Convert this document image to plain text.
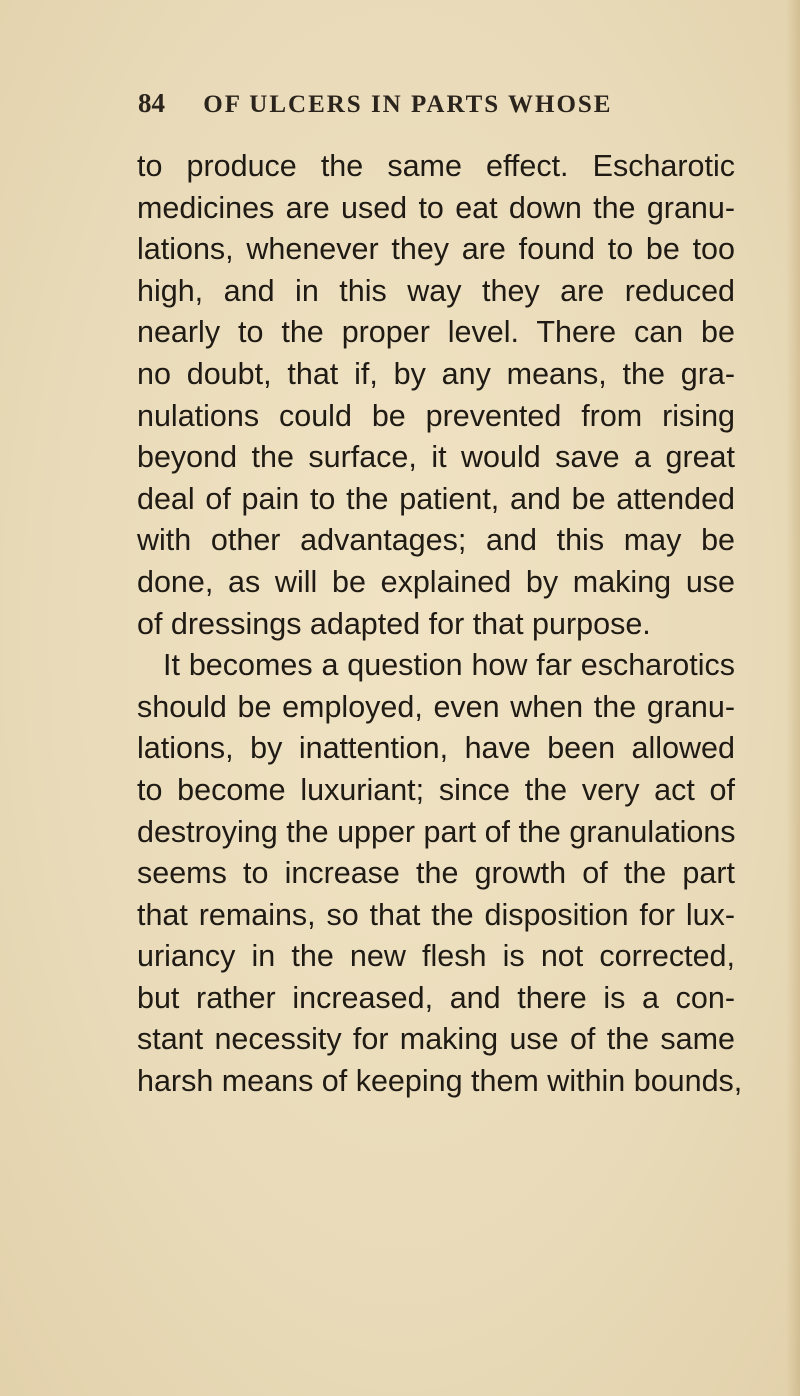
84 OF ULCERS IN PARTS WHOSE
to produce the same effect. Escharotic
medicines are used to eat down the granu-
lations, whenever they are found to be too
high, and in this way they are reduced
nearly to the proper level. There can be
no doubt, that if, by any means, the gra-
nulations could be prevented from rising
beyond the surface, it would save a great
deal of pain to the patient, and be attended
with other advantages; and this may be
done, as will be explained by making use
of dressings adapted for that purpose.
It becomes a question how far escharotics
should be employed, even when the granu-
lations, by inattention, have been allowed
to become luxuriant; since the very act of
destroying the upper part of the granulations
seems to increase the growth of the part
that remains, so that the disposition for lux-
uriancy in the new flesh is not corrected,
but rather increased, and there is a con-
stant necessity for making use of the same
harsh means of keeping them within bounds,
